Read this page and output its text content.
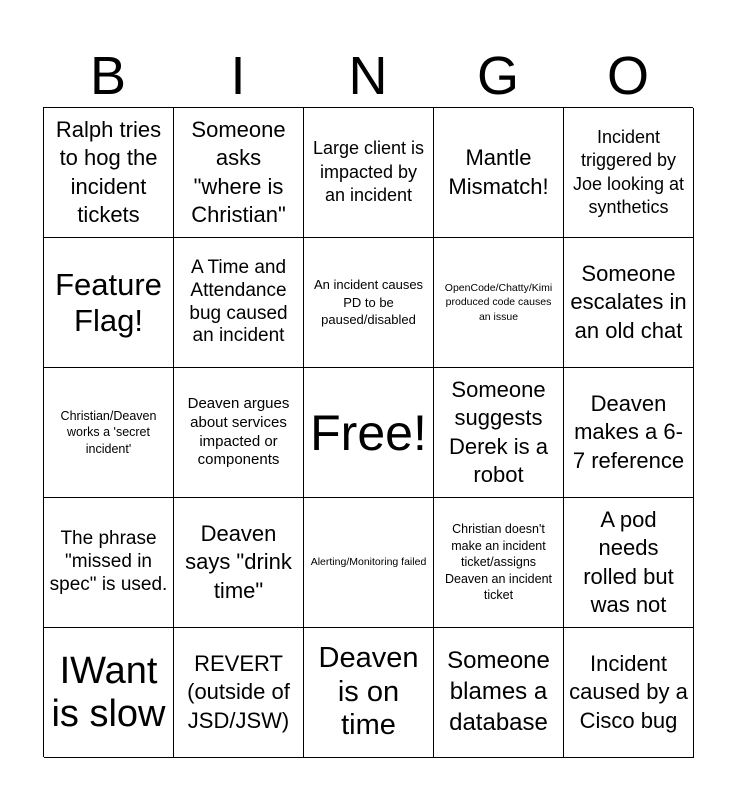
B	I	N	G	O
Ralph tries to hog the incident tickets
Someone asks "where is Christian"
Large client is impacted by an incident
Mantle Mismatch!
Incident triggered by Joe looking at synthetics
Feature Flag!
A Time and Attendance bug caused an incident
An incident causes PD to be paused/disabled
OpenCode/Chatty/Kimi produced code causes an issue
Someone escalates in an old chat
Christian/Deaven works a 'secret incident'
Deaven argues about services impacted or components Free!
Someone suggests Derek is a robot
Deaven makes a 6-7 reference
The phrase "missed in spec" is used.
Deaven says "drink time"
Alerting/Monitoring failed
Christian doesn't make an incident ticket/assigns Deaven an incident ticket
A pod needs rolled but was not
IWant is slow
REVERT (outside of JSD/JSW)
Deaven is on time
Someone blames a database
Incident caused by a Cisco bug
